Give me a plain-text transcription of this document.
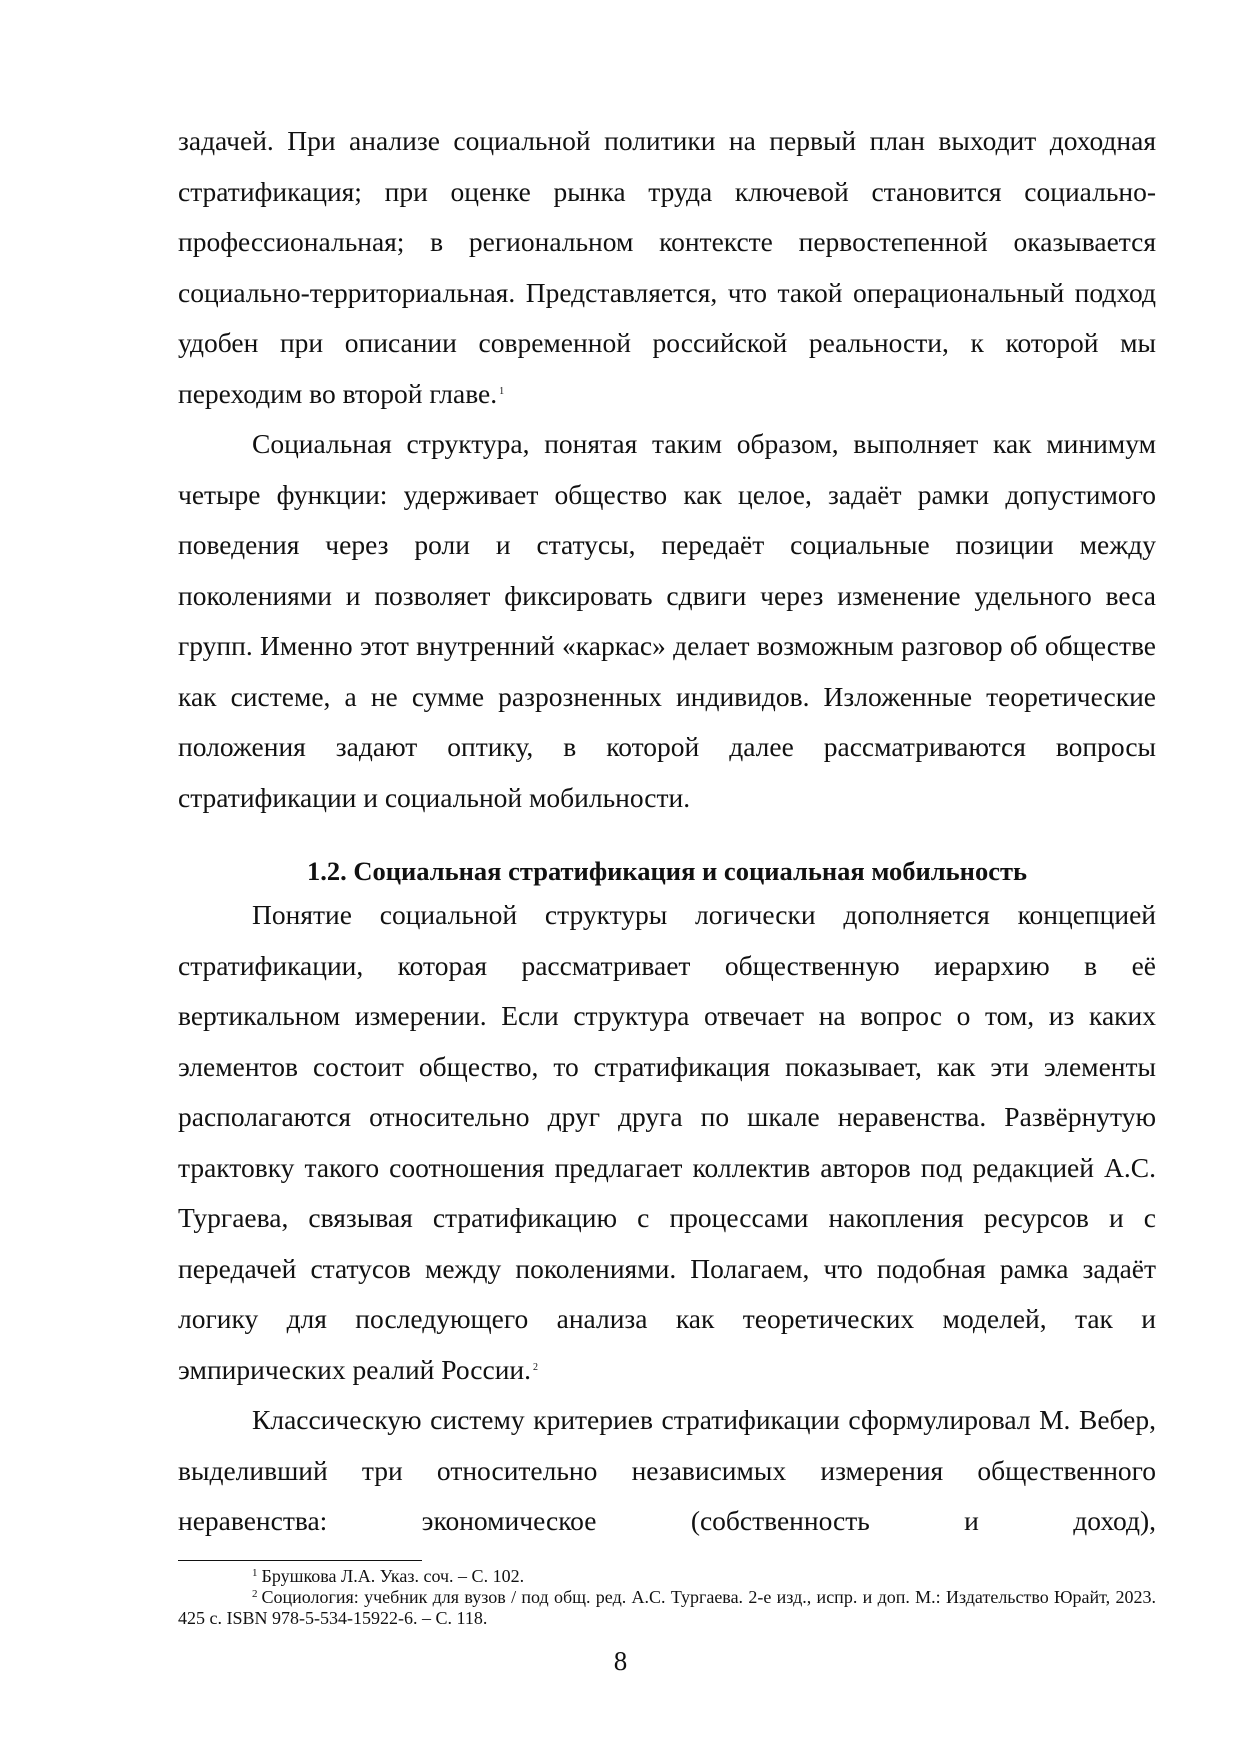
задачей. При анализе социальной политики на первый план выходит доходная стратификация; при оценке рынка труда ключевой становится социально-профессиональная; в региональном контексте первостепенной оказывается социально-территориальная. Представляется, что такой операциональный подход удобен при описании современной российской реальности, к которой мы переходим во второй главе. $^1$

Социальная структура, понятая таким образом, выполняет как минимум четыре функции: удерживает общество как целое, задаёт рамки допустимого поведения через роли и статусы, передаёт социальные позиции между поколениями и позволяет фиксировать сдвиги через изменение удельного веса групп. Именно этот внутренний «каркас» делает возможным разговор об обществе как системе, а не сумме разрозненных индивидов. Изложенные теоретические положения задают оптику, в которой далее рассматриваются вопросы стратификации и социальной мобильности.

1.2. Социальная стратификация и социальная мобильность

Понятие социальной структуры логически дополняется концепцией стратификации, которая рассматривает общественную иерархию в её вертикальном измерении. Если структура отвечает на вопрос о том, из каких элементов состоит общество, то стратификация показывает, как эти элементы располагаются относительно друг друга по шкале неравенства. Развёрнутую трактовку такого соотношения предлагает коллектив авторов под редакцией А.С. Тургаева, связывая стратификацию с процессами накопления ресурсов и с передачей статусов между поколениями. Полагаем, что подобная рамка задаёт логику для последующего анализа как теоретических моделей, так и эмпирических реалий России. $^2$

Классическую систему критериев стратификации сформулировал М. Вебер, выделивший три относительно независимых измерения общественного неравенства: экономическое (собственность и доход),

$^1$ Брушкова Л.А. Указ. соч. – С. 102.

$^2$ Социология: учебник для вузов / под общ. ред. А.С. Тургаева. 2-е изд., испр. и доп. М.: Издательство Юрайт, 2023. 425 с. ISBN 978-5-534-15922-6. – С. 118.

8
